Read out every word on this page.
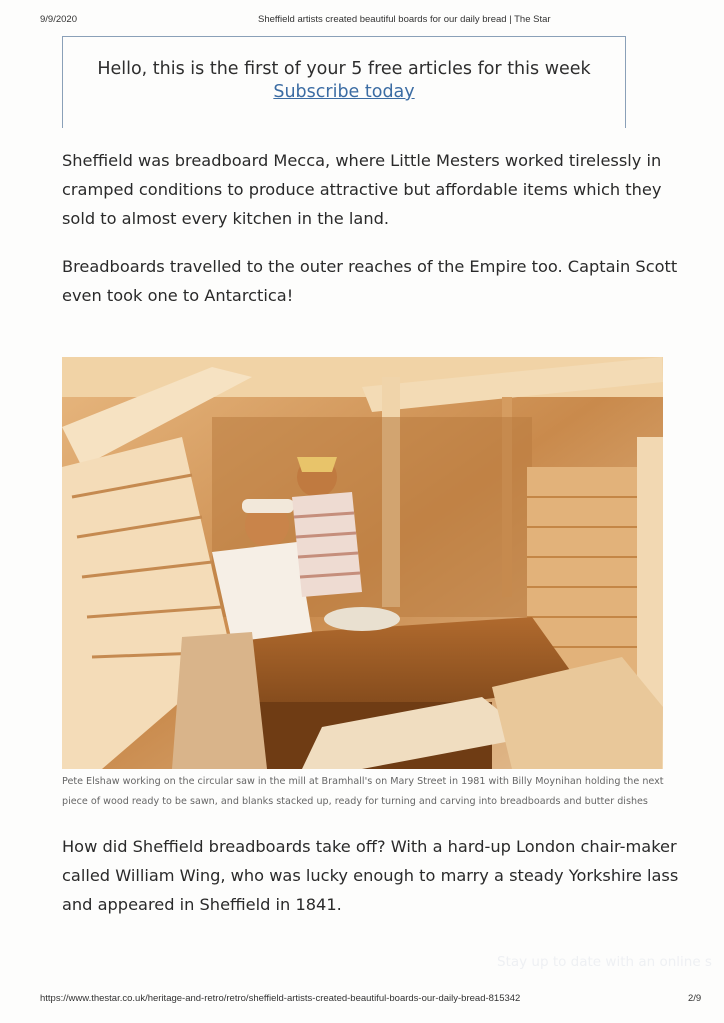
9/9/2020	Sheffield artists created beautiful boards for our daily bread | The Star
Hello, this is the first of your 5 free articles for this week
Subscribe today

Sheffield was breadboard Mecca, where Little Mesters worked tirelessly in cramped conditions to produce attractive but affordable items which they sold to almost every kitchen in the land.

Breadboards travelled to the outer reaches of the Empire too. Captain Scott even took one to Antarctica!

Pete Elshaw working on the circular saw in the mill at Bramhall's on Mary Street in 1981 with Billy Moynihan holding the next piece of wood ready to be sawn, and blanks stacked up, ready for turning and carving into breadboards and butter dishes

How did Sheffield breadboards take off? With a hard-up London chair-maker called William Wing, who was lucky enough to marry a steady Yorkshire lass and appeared in Sheffield in 1841.

Stay up to date with an online s
https://www.thestar.co.uk/heritage-and-retro/retro/sheffield-artists-created-beautiful-boards-our-daily-bread-815342	2/9
